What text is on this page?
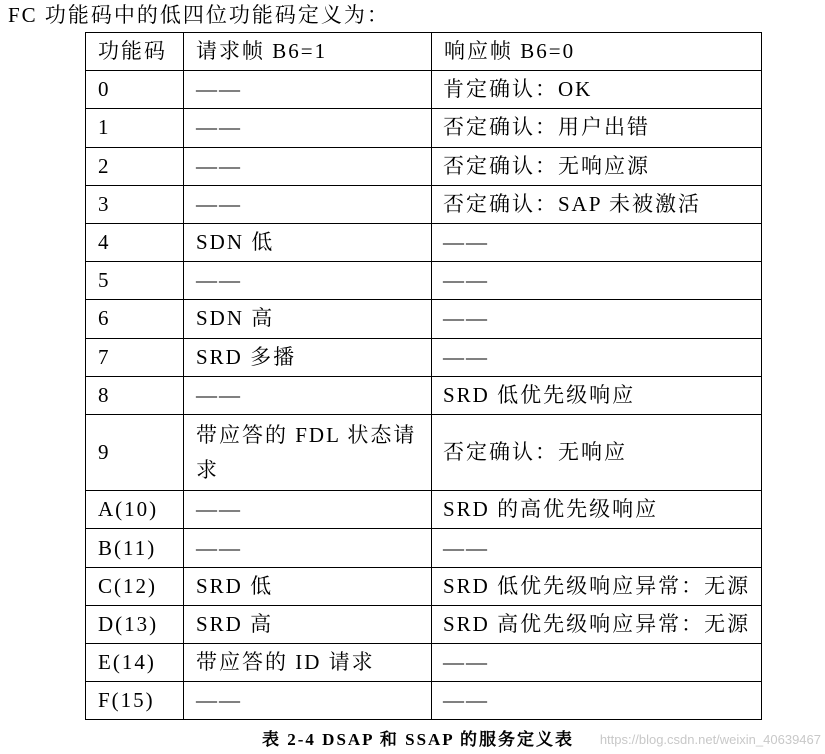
FC 功能码中的低四位功能码定义为：
功能码	请求帧 B6=1	响应帧 B6=0
0	——	肯定确认：OK
1	——	否定确认：用户出错
2	——	否定确认：无响应源
3	——	否定确认：SAP 未被激活
4	SDN 低	——
5	——	——
6	SDN 高	——
7	SRD 多播	——
8	——	SRD 低优先级响应
9	带应答的 FDL 状态请求	否定确认：无响应
A(10)	——	SRD 的高优先级响应
B(11)	——	——
C(12)	SRD 低	SRD 低优先级响应异常：无源
D(13)	SRD 高	SRD 高优先级响应异常：无源
E(14)	带应答的 ID 请求	——
F(15)	——	——
表 2-4 DSAP 和 SSAP 的服务定义表 https://blog.csdn.net/weixin_40639467
